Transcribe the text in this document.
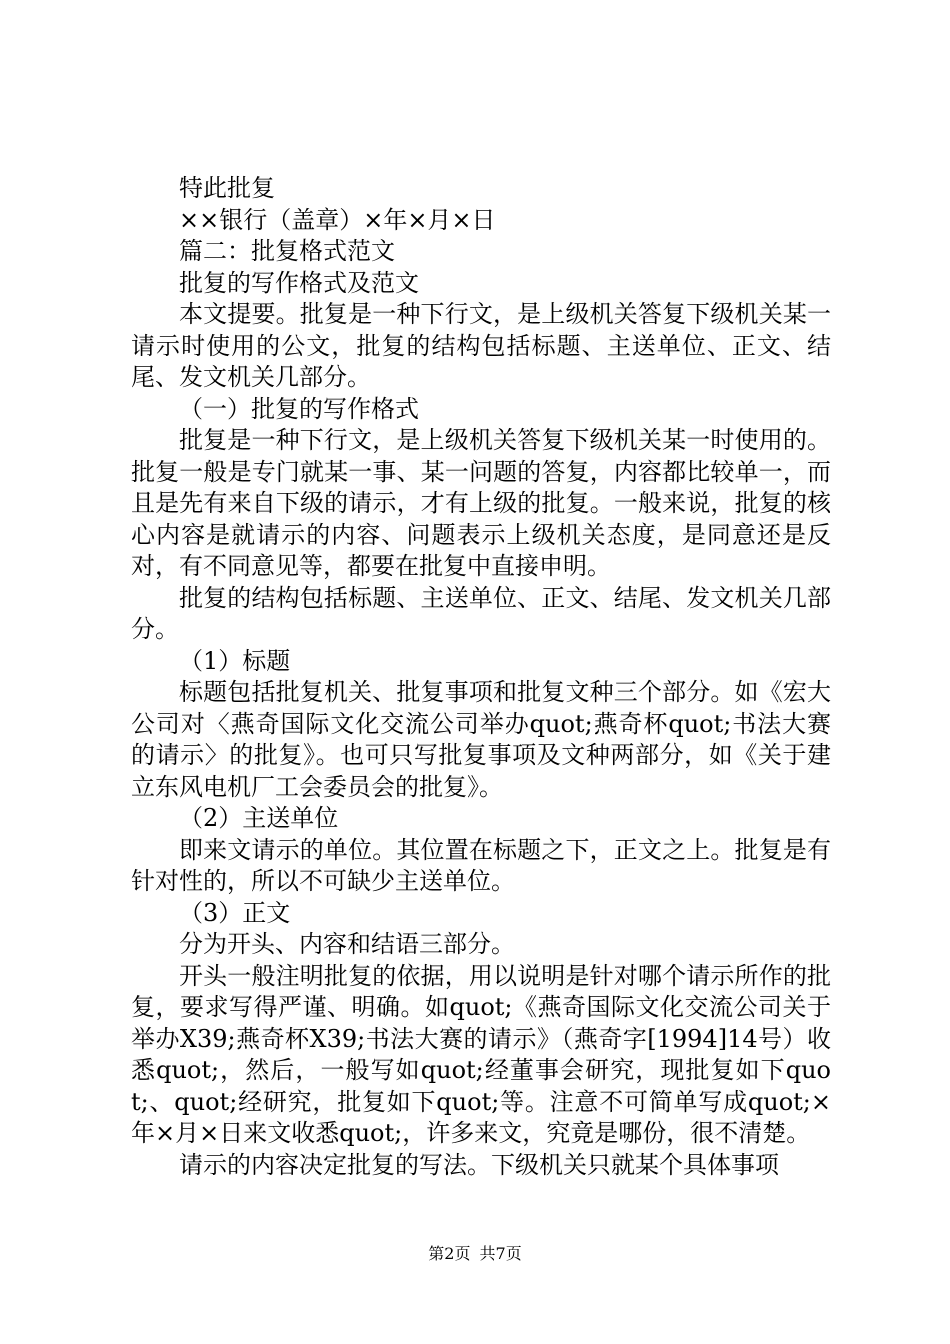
特此批复

××银行（盖章）×年×月×日

篇二：批复格式范文

批复的写作格式及范文

本文提要。批复是一种下行文，是上级机关答复下级机关某一请示时使用的公文，批复的结构包括标题、主送单位、正文、结尾、发文机关几部分。

（一）批复的写作格式

批复是一种下行文，是上级机关答复下级机关某一时使用的。批复一般是专门就某一事、某一问题的答复，内容都比较单一，而且是先有来自下级的请示，才有上级的批复。一般来说，批复的核心内容是就请示的内容、问题表示上级机关态度，是同意还是反对，有不同意见等，都要在批复中直接申明。

批复的结构包括标题、主送单位、正文、结尾、发文机关几部分。

（1）标题

标题包括批复机关、批复事项和批复文种三个部分。如《宏大公司对〈燕奇国际文化交流公司举办quot;燕奇杯quot;书法大赛的请示〉的批复》。也可只写批复事项及文种两部分，如《关于建立东风电机厂工会委员会的批复》。

（2）主送单位

即来文请示的单位。其位置在标题之下，正文之上。批复是有针对性的，所以不可缺少主送单位。

（3）正文

分为开头、内容和结语三部分。

开头一般注明批复的依据，用以说明是针对哪个请示所作的批复，要求写得严谨、明确。如quot;《燕奇国际文化交流公司关于举办X39;燕奇杯X39;书法大赛的请示》（燕奇字[1994]14号）收悉quot;，然后，一般写如quot;经董事会研究，现批复如下quot;、quot;经研究，批复如下quot;等。注意不可简单写成quot;×年×月×日来文收悉quot;，许多来文，究竟是哪份，很不清楚。

请示的内容决定批复的写法。下级机关只就某个具体事项

第2页 共7页
